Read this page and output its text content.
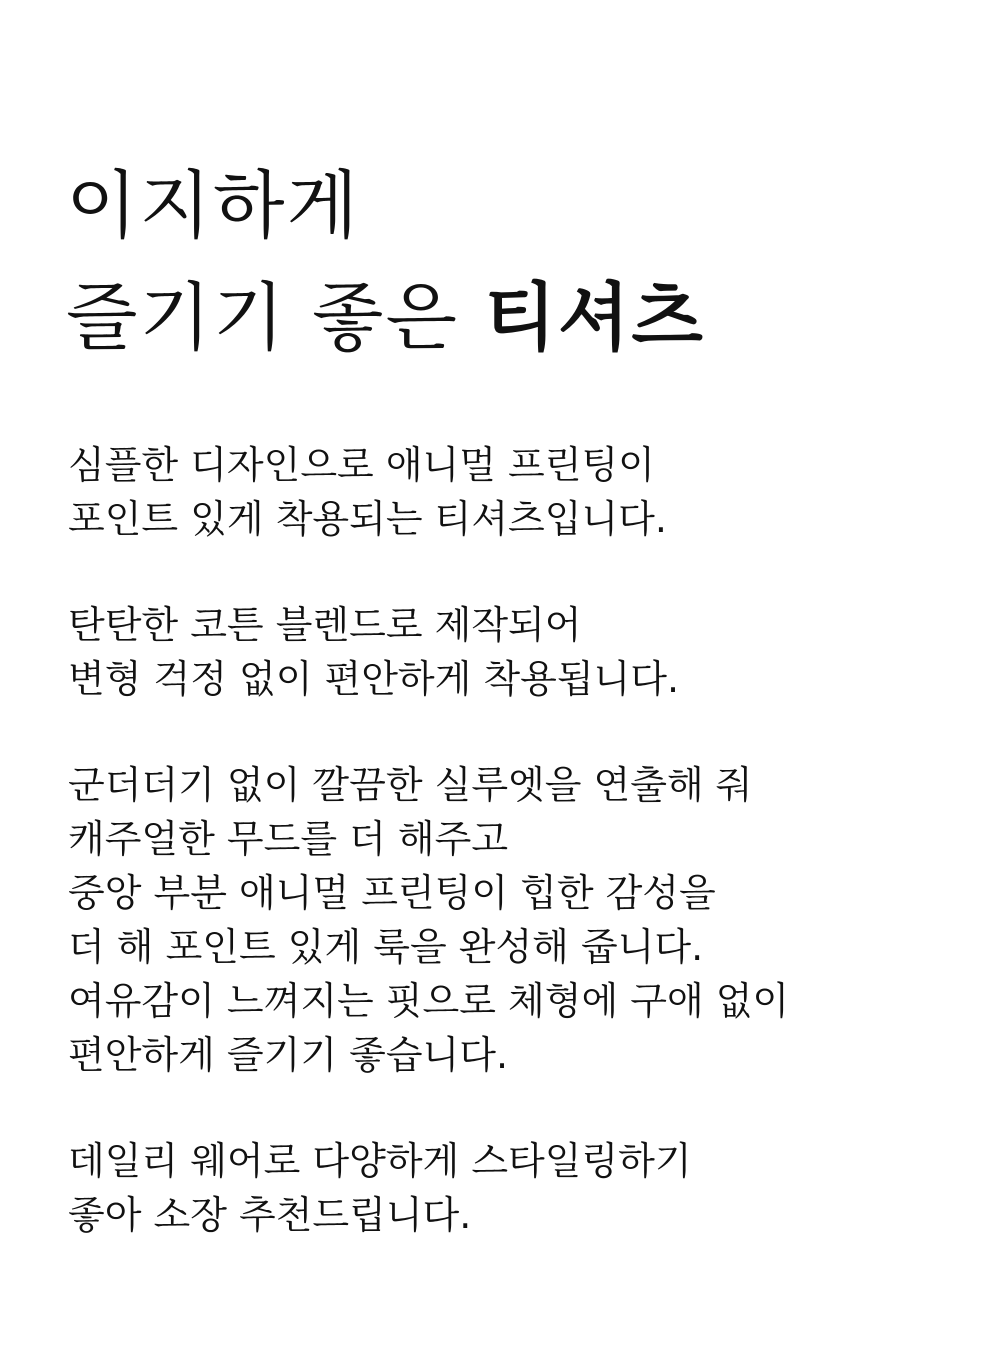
이지하게
즐기기 좋은 티셔츠
심플한 디자인으로 애니멀 프린팅이
포인트 있게 착용되는 티셔츠입니다.
탄탄한 코튼 블렌드로 제작되어
변형 걱정 없이 편안하게 착용됩니다.
군더더기 없이 깔끔한 실루엣을 연출해 줘
캐주얼한 무드를 더 해주고
중앙 부분 애니멀 프린팅이 힙한 감성을
더 해 포인트 있게 룩을 완성해 줍니다.
여유감이 느껴지는 핏으로 체형에 구애 없이
편안하게 즐기기 좋습니다.
데일리 웨어로 다양하게 스타일링하기
좋아 소장 추천드립니다.
